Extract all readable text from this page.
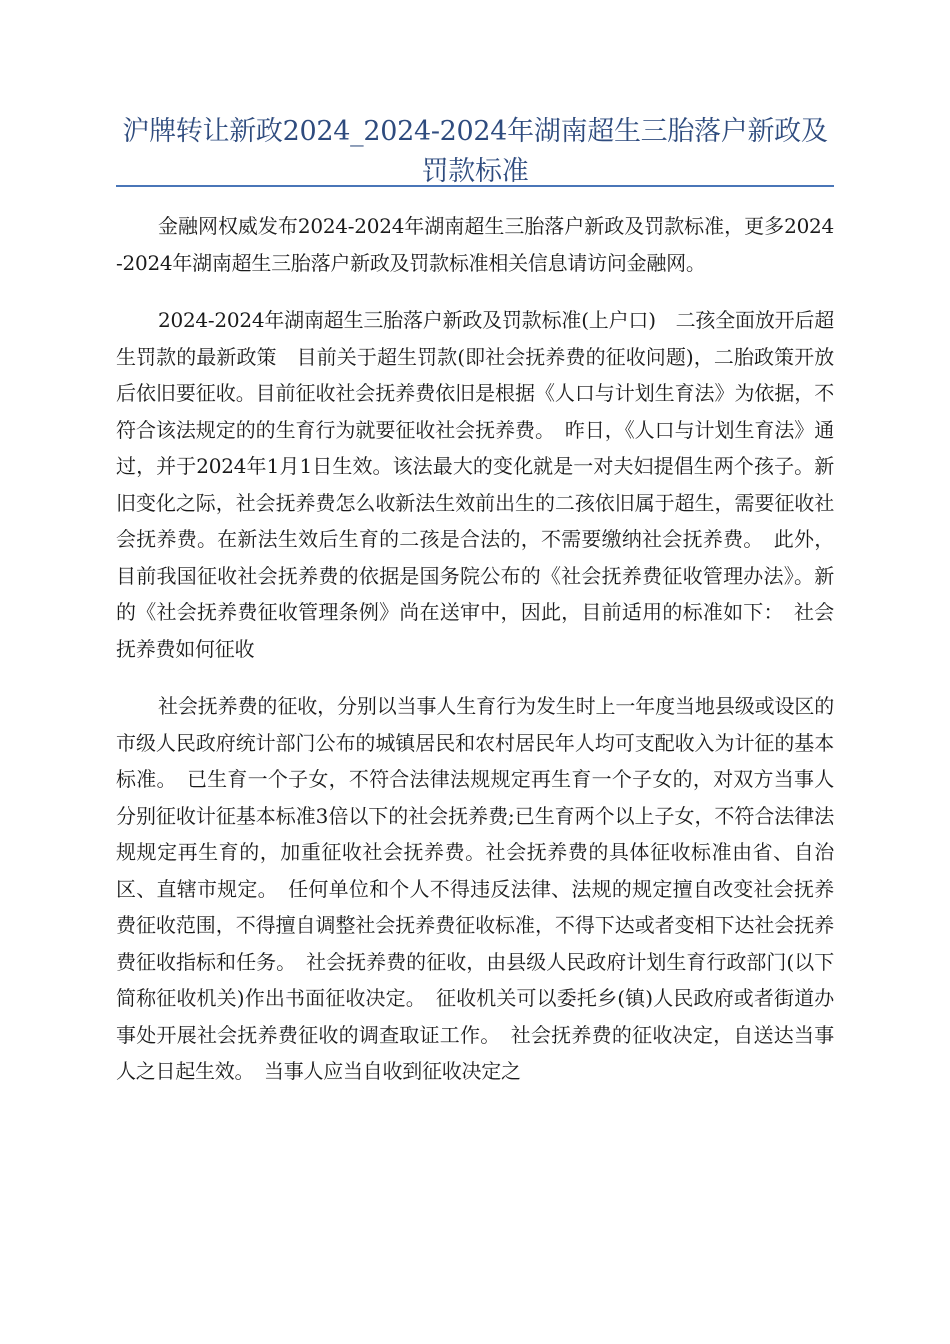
沪牌转让新政2024_2024-2024年湖南超生三胎落户新政及罚款标准

金融网权威发布2024-2024年湖南超生三胎落户新政及罚款标准，更多2024-2024年湖南超生三胎落户新政及罚款标准相关信息请访问金融网。

2024-2024年湖南超生三胎落户新政及罚款标准(上户口)　二孩全面放开后超生罚款的最新政策　目前关于超生罚款(即社会抚养费的征收问题)，二胎政策开放后依旧要征收。目前征收社会抚养费依旧是根据《人口与计划生育法》为依据，不符合该法规定的的生育行为就要征收社会抚养费。　昨日，《人口与计划生育法》通过，并于2024年1月1日生效。该法最大的变化就是一对夫妇提倡生两个孩子。新旧变化之际，社会抚养费怎么收新法生效前出生的二孩依旧属于超生，需要征收社会抚养费。在新法生效后生育的二孩是合法的，不需要缴纳社会抚养费。　此外，目前我国征收社会抚养费的依据是国务院公布的《社会抚养费征收管理办法》。新的《社会抚养费征收管理条例》尚在送审中，因此，目前适用的标准如下：　社会抚养费如何征收

社会抚养费的征收，分别以当事人生育行为发生时上一年度当地县级或设区的市级人民政府统计部门公布的城镇居民和农村居民年人均可支配收入为计征的基本标准。　已生育一个子女，不符合法律法规规定再生育一个子女的，对双方当事人分别征收计征基本标准3倍以下的社会抚养费;已生育两个以上子女，不符合法律法规规定再生育的，加重征收社会抚养费。社会抚养费的具体征收标准由省、自治区、直辖市规定。　任何单位和个人不得违反法律、法规的规定擅自改变社会抚养费征收范围，不得擅自调整社会抚养费征收标准，不得下达或者变相下达社会抚养费征收指标和任务。　社会抚养费的征收，由县级人民政府计划生育行政部门(以下简称征收机关)作出书面征收决定。　征收机关可以委托乡(镇)人民政府或者街道办事处开展社会抚养费征收的调查取证工作。　社会抚养费的征收决定，自送达当事人之日起生效。　当事人应当自收到征收决定之
